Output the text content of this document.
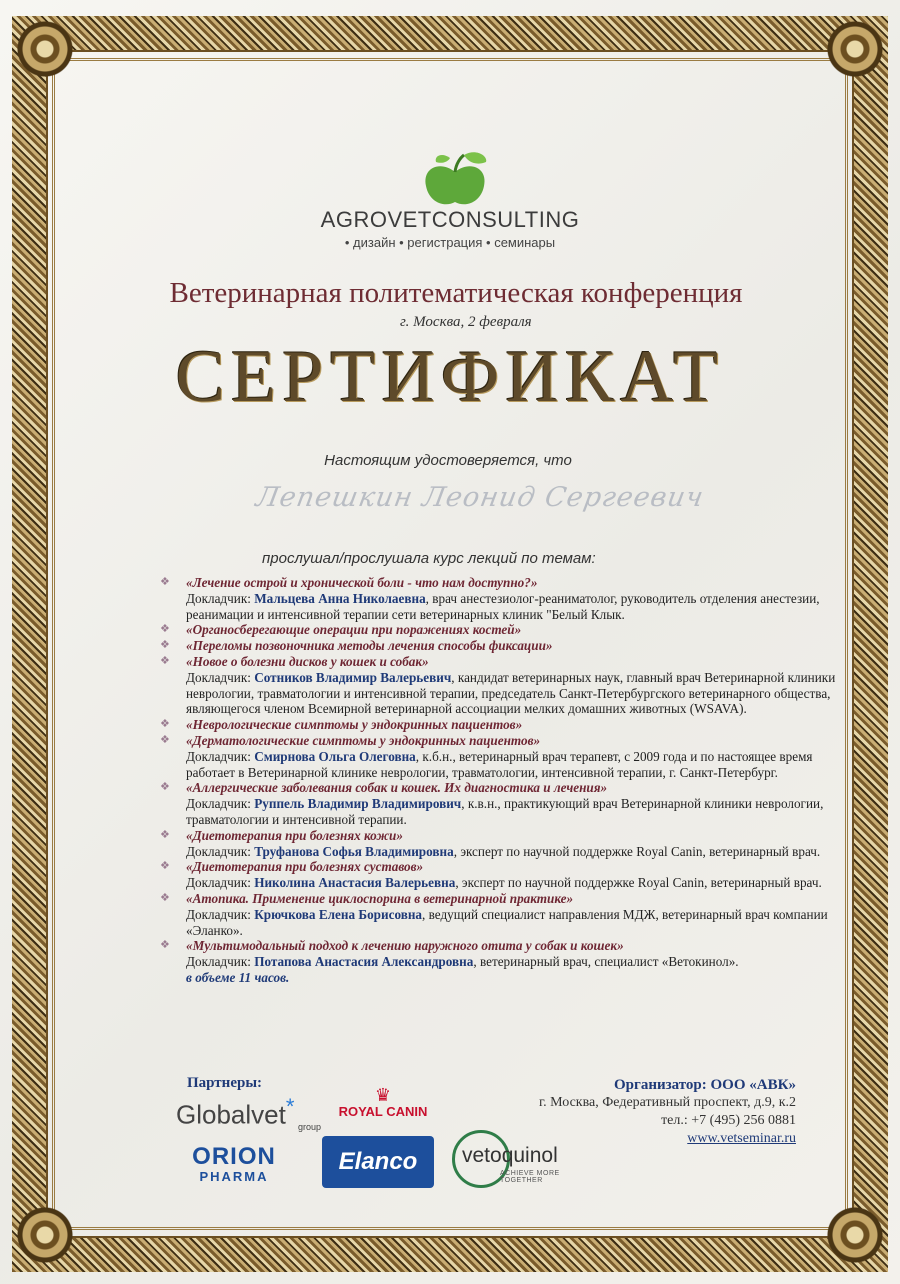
AGROVETCONSULTING
• дизайн • регистрация • семинары
Ветеринарная политематическая конференция
г. Москва, 2 февраля
СЕРТИФИКАТ
Настоящим удостоверяется, что
Лепешкин Леонид Сергеевич
прослушал/прослушала курс лекций по темам:
❖ «Лечение острой и хронической боли - что нам доступно?»
Докладчик: Мальцева Анна Николаевна, врач анестезиолог-реаниматолог, руководитель отделения анестезии, реанимации и интенсивной терапии сети ветеринарных клиник "Белый Клык.
❖ «Органосберегающие операции при поражениях костей»
❖ «Переломы позвоночника методы лечения способы фиксации»
❖ «Новое о болезни дисков у кошек и собак»
Докладчик: Сотников Владимир Валерьевич, кандидат ветеринарных наук, главный врач Ветеринарной клиники неврологии, травматологии и интенсивной терапии, председатель Санкт-Петербургского ветеринарного общества, являющегося членом Всемирной ветеринарной ассоциации мелких домашних животных (WSAVA).
❖ «Неврологические симптомы у эндокринных пациентов»
❖ «Дерматологические симптомы у эндокринных пациентов»
Докладчик: Смирнова Ольга Олеговна, к.б.н., ветеринарный врач терапевт, с 2009 года и по настоящее время работает в Ветеринарной клинике неврологии, травматологии, интенсивной терапии, г. Санкт-Петербург.
❖ «Аллергические заболевания собак и кошек. Их диагностика и лечения»
Докладчик: Руппель Владимир Владимирович, к.в.н., практикующий врач Ветеринарной клиники неврологии, травматологии и интенсивной терапии.
❖ «Диетотерапия при болезнях кожи»
Докладчик: Труфанова Софья Владимировна, эксперт по научной поддержке Royal Canin, ветеринарный врач.
❖ «Диетотерапия при болезнях суставов»
Докладчик: Николина Анастасия Валерьевна, эксперт по научной поддержке Royal Canin, ветеринарный врач.
❖ «Атопика. Применение циклоспорина в ветеринарной практике»
Докладчик: Крючкова Елена Борисовна, ведущий специалист направления МДЖ, ветеринарный врач компании «Эланко».
❖ «Мультимодальный подход к лечению наружного отита у собак и кошек»
Докладчик: Потапова Анастасия Александровна, ветеринарный врач, специалист «Ветокинол».
в объеме 11 часов.
Партнеры:	Организатор: ООО «АВК»
г. Москва, Федеративный проспект, д.9, к.2
тел.: +7 (495) 256 0881
www.vetseminar.ru
Globalvet*
group
♛
ROYAL CANIN
ORION
PHARMA
Elanco	vetoquinol
ACHIEVE MORE TOGETHER
